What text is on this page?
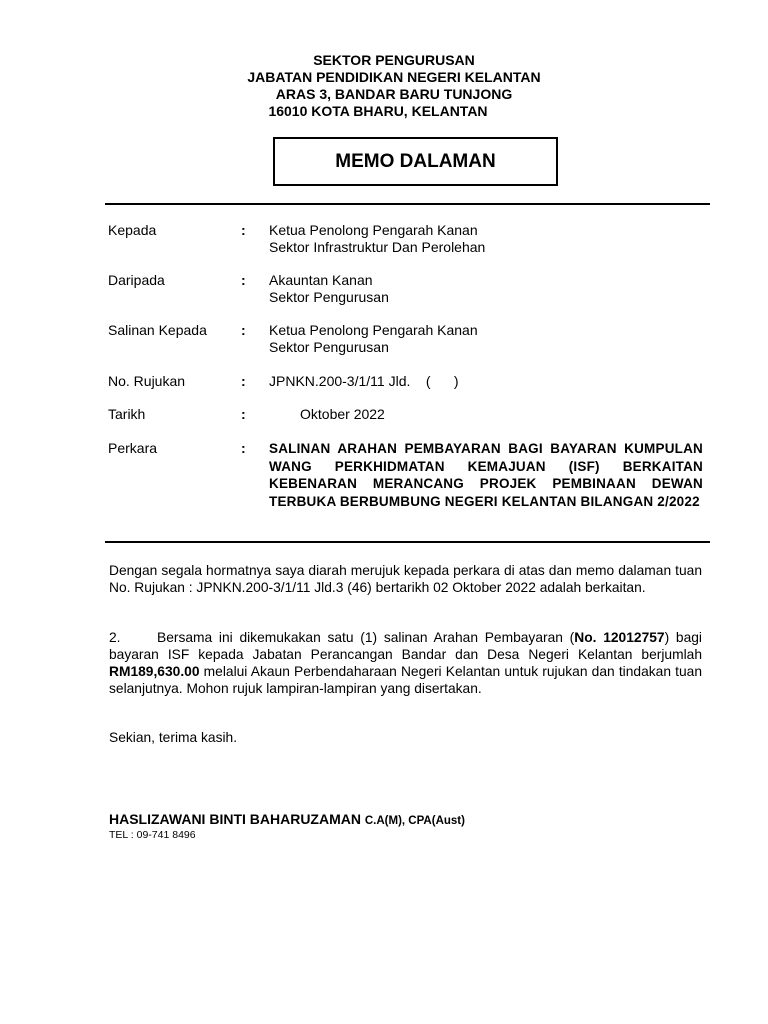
SEKTOR PENGURUSAN
JABATAN PENDIDIKAN NEGERI KELANTAN
ARAS 3, BANDAR BARU TUNJONG
16010 KOTA BHARU, KELANTAN
MEMO DALAMAN
Kepada	: Ketua Penolong Pengarah Kanan
Sektor Infrastruktur Dan Perolehan
Daripada	: Akauntan Kanan
Sektor Pengurusan
Salinan Kepada : Ketua Penolong Pengarah Kanan
Sektor Pengurusan
No. Rujukan	: JPNKN.200-3/1/11 Jld.    (      )
Tarikh	:	Oktober 2022
Perkara	: SALINAN ARAHAN PEMBAYARAN BAGI BAYARAN KUMPULAN WANG PERKHIDMATAN KEMAJUAN (ISF) BERKAITAN KEBENARAN MERANCANG PROJEK PEMBINAAN DEWAN TERBUKA BERBUMBUNG NEGERI KELANTAN BILANGAN 2/2022
Dengan segala hormatnya saya diarah merujuk kepada perkara di atas dan memo dalaman tuan No. Rujukan : JPNKN.200-3/1/11 Jld.3 (46) bertarikh 02 Oktober 2022 adalah berkaitan.
2.	Bersama ini dikemukakan satu (1) salinan Arahan Pembayaran (No. 12012757) bagi bayaran ISF kepada Jabatan Perancangan Bandar dan Desa Negeri Kelantan berjumlah RM189,630.00 melalui Akaun Perbendaharaan Negeri Kelantan untuk rujukan dan tindakan tuan selanjutnya. Mohon rujuk lampiran-lampiran yang disertakan.
Sekian, terima kasih.
HASLIZAWANI BINTI BAHARUZAMAN C.A(M), CPA(Aust)
TEL : 09-741 8496
